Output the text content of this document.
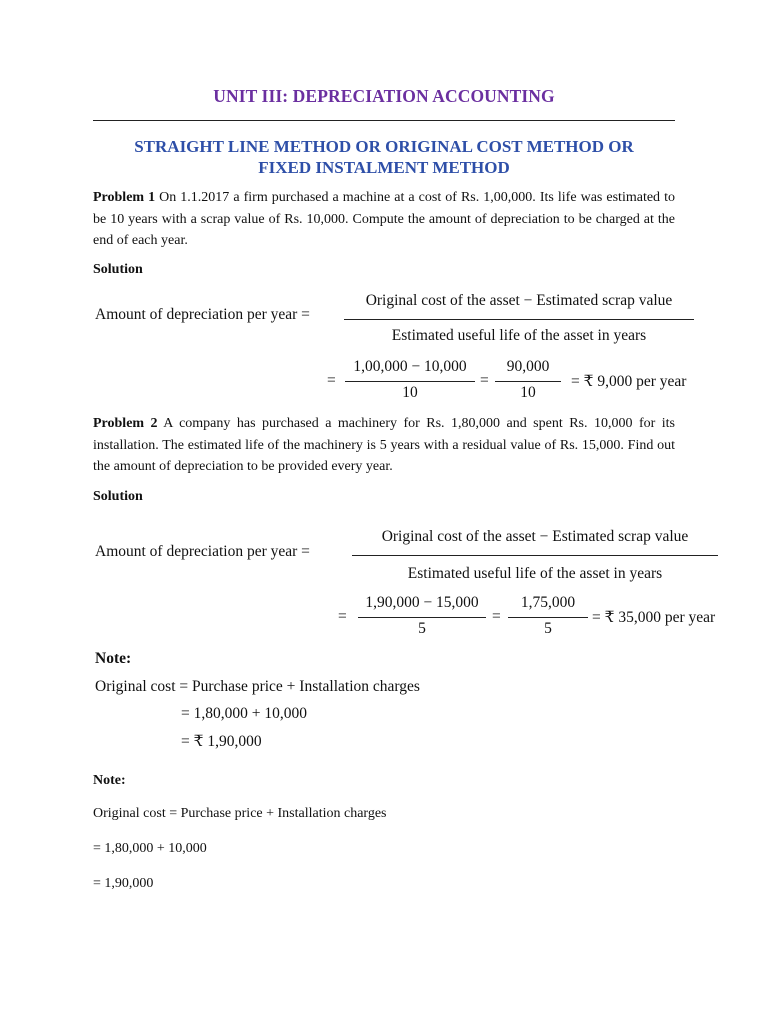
UNIT III: DEPRECIATION ACCOUNTING
STRAIGHT LINE METHOD OR ORIGINAL COST METHOD OR
FIXED INSTALMENT METHOD
Problem 1 On 1.1.2017 a firm purchased a machine at a cost of Rs. 1,00,000. Its life was estimated to be 10 years with a scrap value of Rs. 10,000. Compute the amount of depreciation to be charged at the end of each year.
Solution
Amount of depreciation per year =
Original cost of the asset − Estimated scrap value
Estimated useful life of the asset in years
=
1,00,000 − 10,000
10
=
90,000
10
= ₹ 9,000 per year
Problem 2 A company has purchased a machinery for Rs. 1,80,000 and spent Rs. 10,000 for its installation. The estimated life of the machinery is 5 years with a residual value of Rs. 15,000. Find out the amount of depreciation to be provided every year.
Solution
Amount of depreciation per year =
Original cost of the asset − Estimated scrap value
Estimated useful life of the asset in years
=
1,90,000 − 15,000
5
=
1,75,000
5
= ₹ 35,000 per year
Note:
Original cost = Purchase price + Installation charges
= 1,80,000 + 10,000
= ₹ 1,90,000
Note:
Original cost = Purchase price + Installation charges
= 1,80,000 + 10,000
= 1,90,000
